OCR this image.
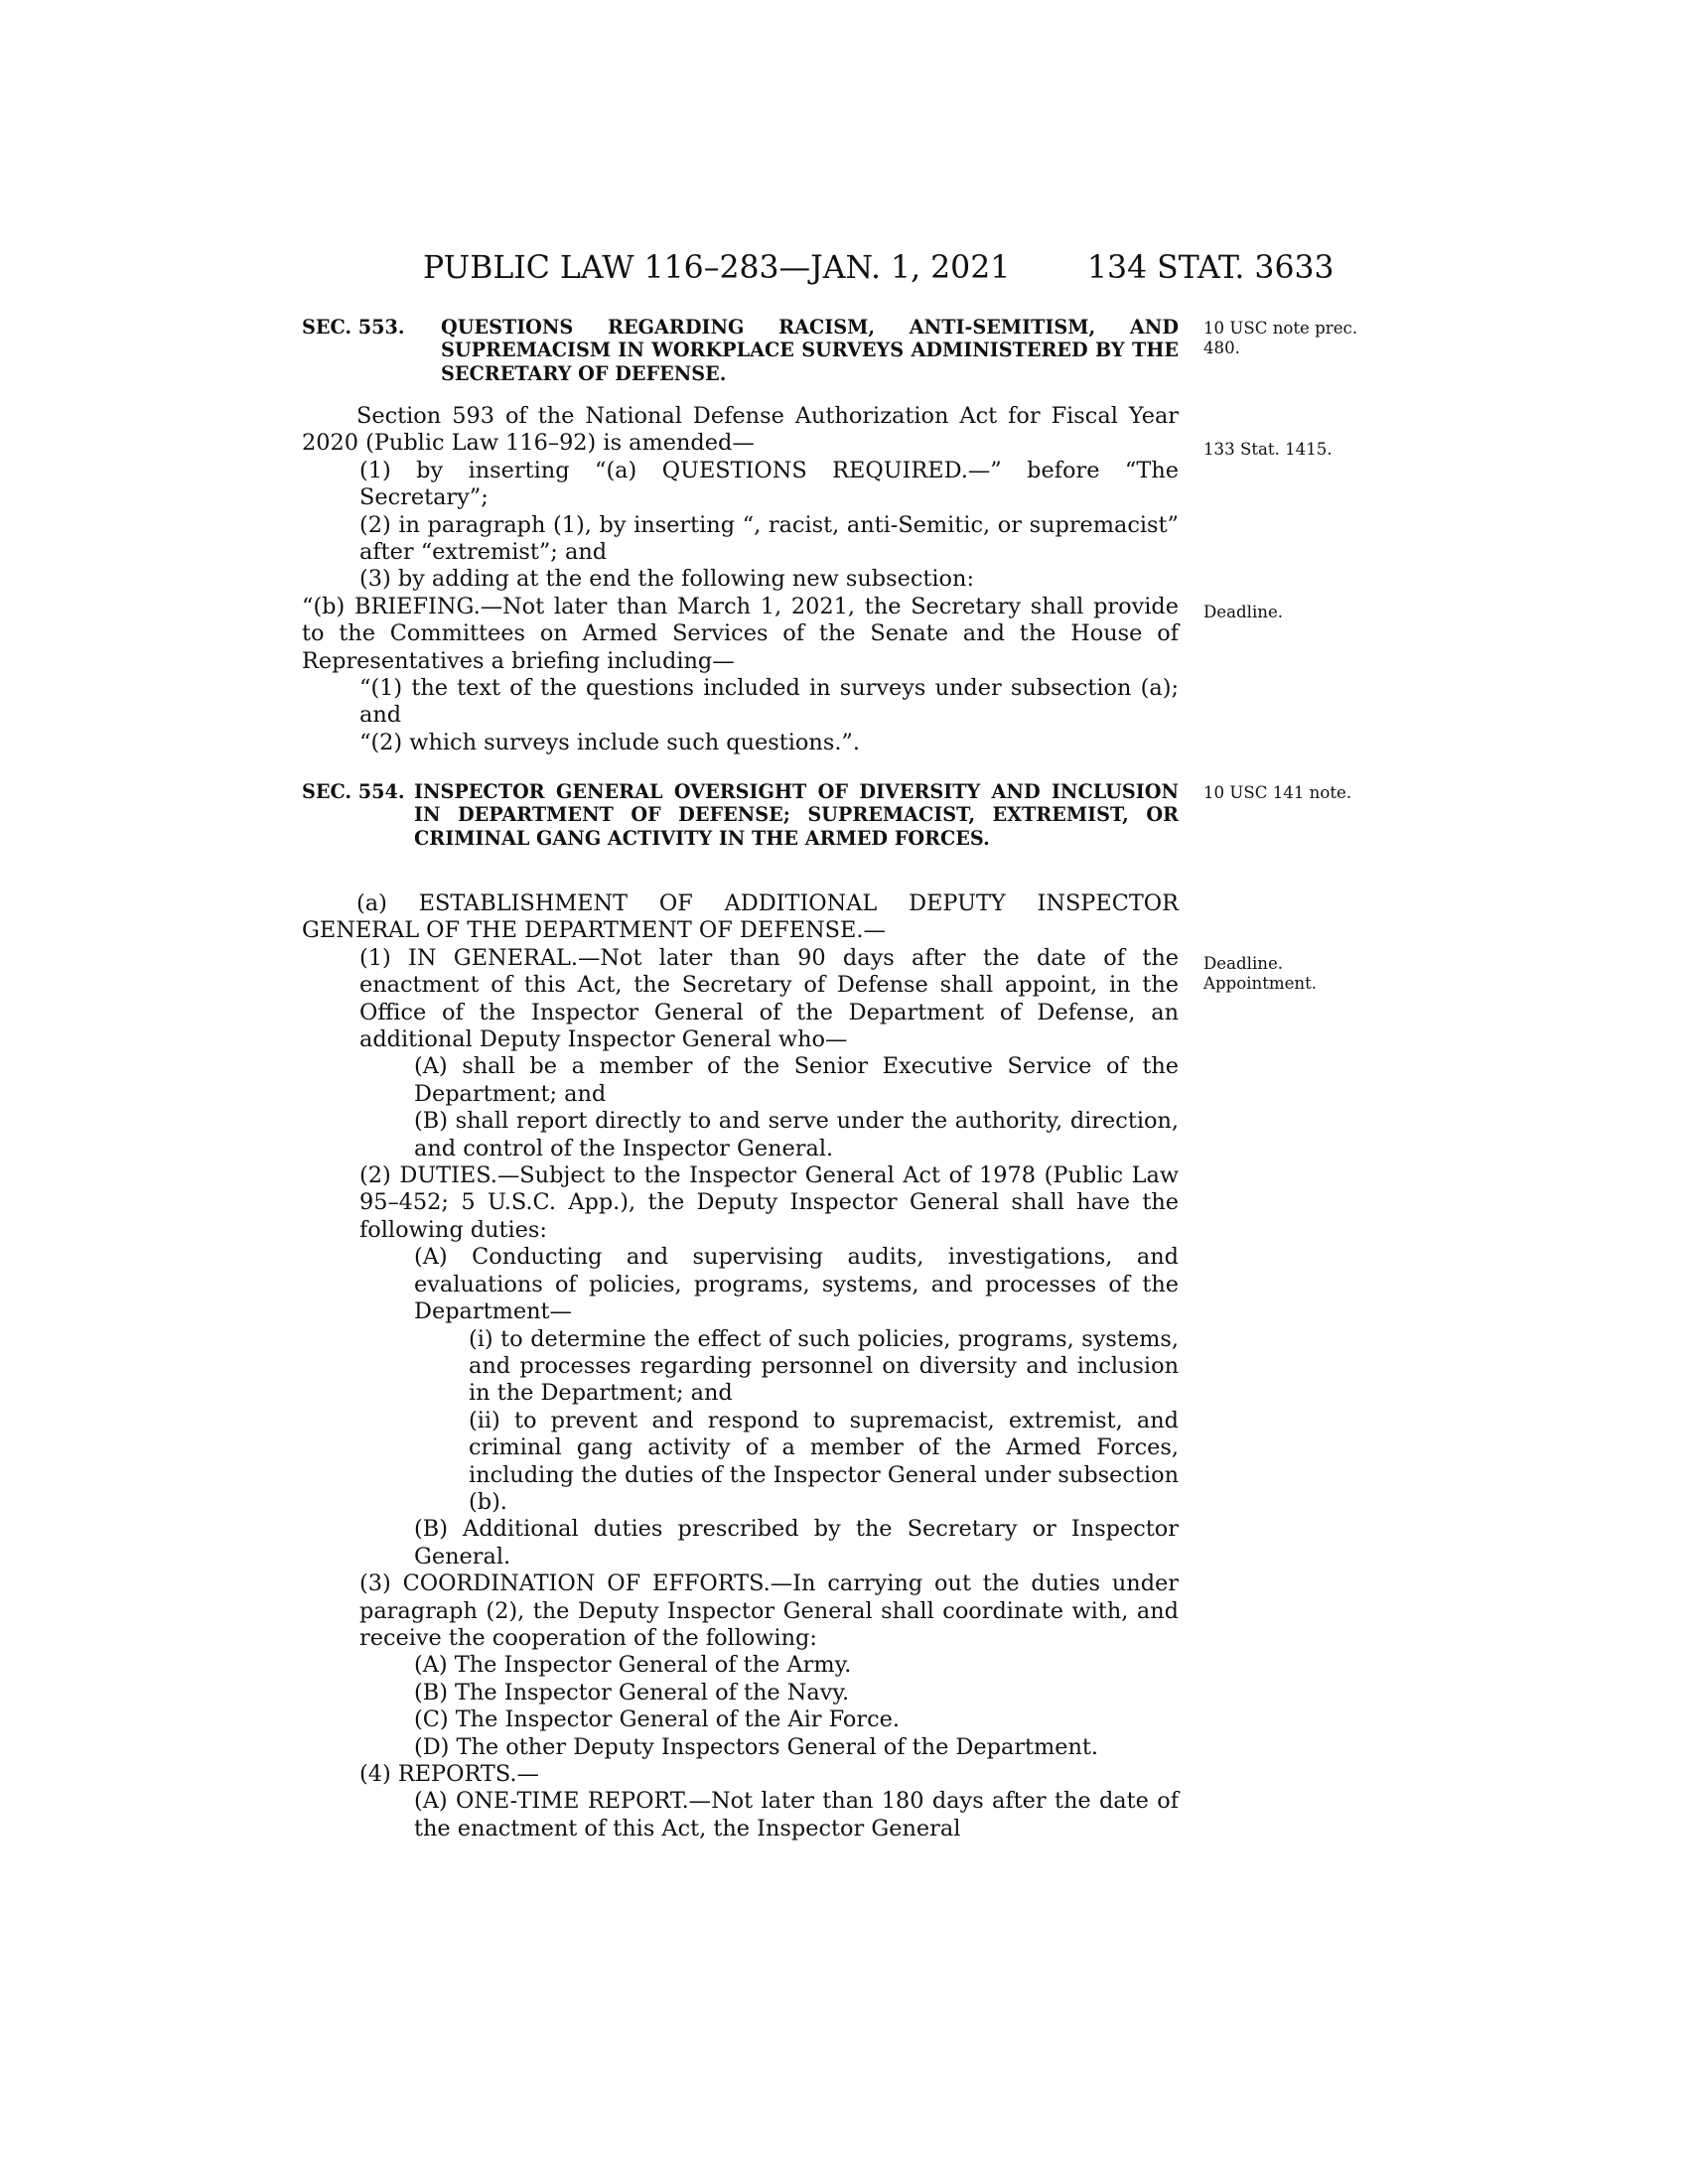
PUBLIC LAW 116–283—JAN. 1, 2021 134 STAT. 3633
SEC. 553. QUESTIONS REGARDING RACISM, ANTI-SEMITISM, AND SUPREMACISM IN WORKPLACE SURVEYS ADMINISTERED BY THE SECRETARY OF DEFENSE.
10 USC note prec. 480.

Section 593 of the National Defense Authorization Act for Fiscal Year 2020 (Public Law 116–92) is amended—

(1) by inserting “(a) QUESTIONS REQUIRED.—” before “The Secretary”;

(2) in paragraph (1), by inserting “, racist, anti-Semitic, or supremacist” after “extremist”; and

(3) by adding at the end the following new subsection:

“(b) BRIEFING.—Not later than March 1, 2021, the Secretary shall provide to the Committees on Armed Services of the Senate and the House of Representatives a briefing including—

“(1) the text of the questions included in surveys under subsection (a); and

“(2) which surveys include such questions.”.

133 Stat. 1415.
Deadline.
SEC. 554. INSPECTOR GENERAL OVERSIGHT OF DIVERSITY AND INCLUSION IN DEPARTMENT OF DEFENSE; SUPREMACIST, EXTREMIST, OR CRIMINAL GANG ACTIVITY IN THE ARMED FORCES.
10 USC 141 note.

(a) ESTABLISHMENT OF ADDITIONAL DEPUTY INSPECTOR GENERAL OF THE DEPARTMENT OF DEFENSE.—

(1) IN GENERAL.—Not later than 90 days after the date of the enactment of this Act, the Secretary of Defense shall appoint, in the Office of the Inspector General of the Department of Defense, an additional Deputy Inspector General who—

(A) shall be a member of the Senior Executive Service of the Department; and

(B) shall report directly to and serve under the authority, direction, and control of the Inspector General.

(2) DUTIES.—Subject to the Inspector General Act of 1978 (Public Law 95–452; 5 U.S.C. App.), the Deputy Inspector General shall have the following duties:

(A) Conducting and supervising audits, investigations, and evaluations of policies, programs, systems, and processes of the Department—

(i) to determine the effect of such policies, programs, systems, and processes regarding personnel on diversity and inclusion in the Department; and

(ii) to prevent and respond to supremacist, extremist, and criminal gang activity of a member of the Armed Forces, including the duties of the Inspector General under subsection (b).

(B) Additional duties prescribed by the Secretary or Inspector General.

(3) COORDINATION OF EFFORTS.—In carrying out the duties under paragraph (2), the Deputy Inspector General shall coordinate with, and receive the cooperation of the following:

(A) The Inspector General of the Army.

(B) The Inspector General of the Navy.

(C) The Inspector General of the Air Force.

(D) The other Deputy Inspectors General of the Department.

(4) REPORTS.—

(A) ONE-TIME REPORT.—Not later than 180 days after the date of the enactment of this Act, the Inspector General

Deadline. Appointment.
